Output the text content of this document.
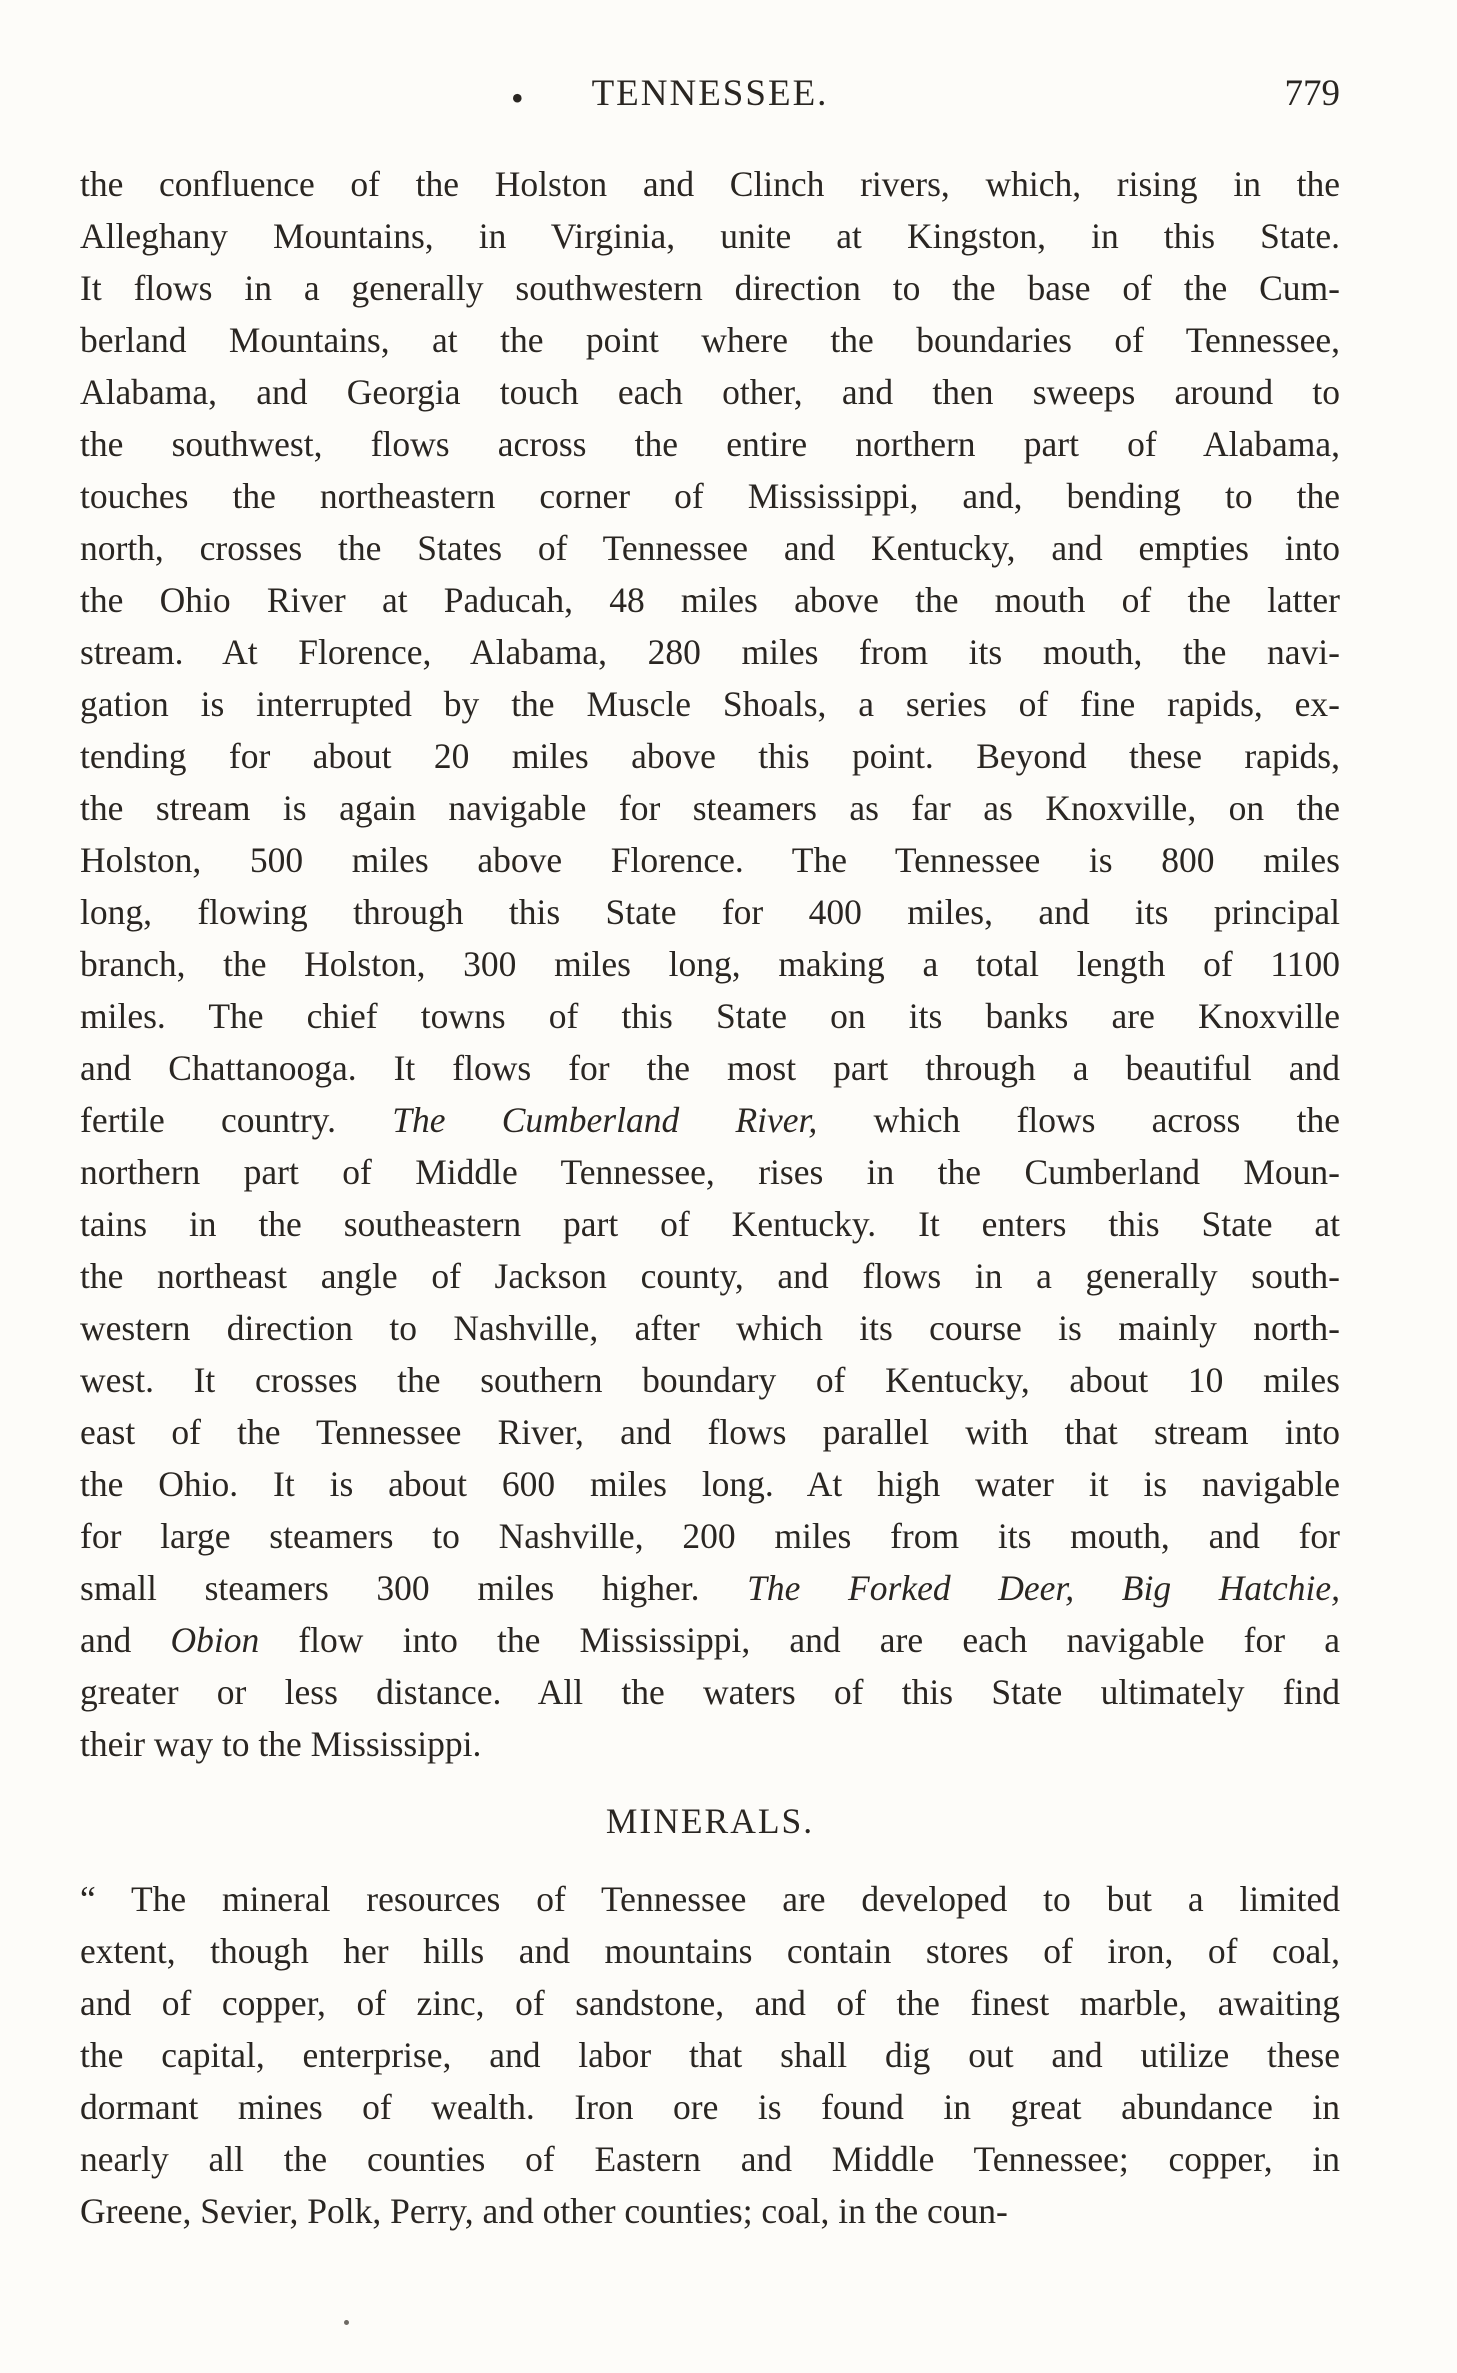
•	TENNESSEE.	779
the confluence of the Holston and Clinch rivers, which, rising in the
Alleghany Mountains, in Virginia, unite at Kingston, in this State.
It flows in a generally southwestern direction to the base of the Cum-
berland Mountains, at the point where the boundaries of Tennessee,
Alabama, and Georgia touch each other, and then sweeps around to
the southwest, flows across the entire northern part of Alabama,
touches the northeastern corner of Mississippi, and, bending to the
north, crosses the States of Tennessee and Kentucky, and empties into
the Ohio River at Paducah, 48 miles above the mouth of the latter
stream. At Florence, Alabama, 280 miles from its mouth, the navi-
gation is interrupted by the Muscle Shoals, a series of fine rapids, ex-
tending for about 20 miles above this point. Beyond these rapids,
the stream is again navigable for steamers as far as Knoxville, on the
Holston, 500 miles above Florence. The Tennessee is 800 miles
long, flowing through this State for 400 miles, and its principal
branch, the Holston, 300 miles long, making a total length of 1100
miles. The chief towns of this State on its banks are Knoxville
and Chattanooga. It flows for the most part through a beautiful and
fertile country. The Cumberland River, which flows across the
northern part of Middle Tennessee, rises in the Cumberland Moun-
tains in the southeastern part of Kentucky. It enters this State at
the northeast angle of Jackson county, and flows in a generally south-
western direction to Nashville, after which its course is mainly north-
west. It crosses the southern boundary of Kentucky, about 10 miles
east of the Tennessee River, and flows parallel with that stream into
the Ohio. It is about 600 miles long. At high water it is navigable
for large steamers to Nashville, 200 miles from its mouth, and for
small steamers 300 miles higher. The Forked Deer, Big Hatchie,
and Obion flow into the Mississippi, and are each navigable for a
greater or less distance. All the waters of this State ultimately find
their way to the Mississippi.
MINERALS.
“ The mineral resources of Tennessee are developed to but a limited
extent, though her hills and mountains contain stores of iron, of coal,
and of copper, of zinc, of sandstone, and of the finest marble, awaiting
the capital, enterprise, and labor that shall dig out and utilize these
dormant mines of wealth. Iron ore is found in great abundance in
nearly all the counties of Eastern and Middle Tennessee; copper, in
Greene, Sevier, Polk, Perry, and other counties; coal, in the coun-
